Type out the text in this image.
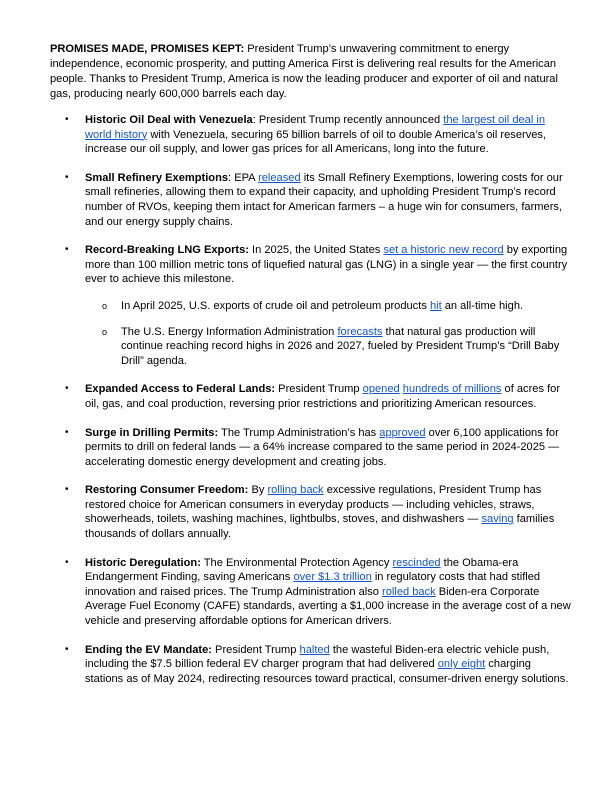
PROMISES MADE, PROMISES KEPT: President Trump’s unwavering commitment to energy independence, economic prosperity, and putting America First is delivering real results for the American people. Thanks to President Trump, America is now the leading producer and exporter of oil and natural gas, producing nearly 600,000 barrels each day.

• Historic Oil Deal with Venezuela: President Trump recently announced the largest oil deal in world history with Venezuela, securing 65 billion barrels of oil to double America’s oil reserves, increase our oil supply, and lower gas prices for all Americans, long into the future.
• Small Refinery Exemptions: EPA released its Small Refinery Exemptions, lowering costs for our small refineries, allowing them to expand their capacity, and upholding President Trump’s record number of RVOs, keeping them intact for American farmers – a huge win for consumers, farmers, and our energy supply chains.
• Record-Breaking LNG Exports: In 2025, the United States set a historic new record by exporting more than 100 million metric tons of liquefied natural gas (LNG) in a single year — the first country ever to achieve this milestone.
o In April 2025, U.S. exports of crude oil and petroleum products hit an all-time high.
o The U.S. Energy Information Administration forecasts that natural gas production will continue reaching record highs in 2026 and 2027, fueled by President Trump’s “Drill Baby Drill” agenda.
• Expanded Access to Federal Lands: President Trump opened hundreds of millions of acres for oil, gas, and coal production, reversing prior restrictions and prioritizing American resources.
• Surge in Drilling Permits: The Trump Administration’s has approved over 6,100 applications for permits to drill on federal lands — a 64% increase compared to the same period in 2024-2025 — accelerating domestic energy development and creating jobs.
• Restoring Consumer Freedom: By rolling back excessive regulations, President Trump has restored choice for American consumers in everyday products — including vehicles, straws, showerheads, toilets, washing machines, lightbulbs, stoves, and dishwashers — saving families thousands of dollars annually.
• Historic Deregulation: The Environmental Protection Agency rescinded the Obama-era Endangerment Finding, saving Americans over $1.3 trillion in regulatory costs that had stifled innovation and raised prices. The Trump Administration also rolled back Biden-era Corporate Average Fuel Economy (CAFE) standards, averting a $1,000 increase in the average cost of a new vehicle and preserving affordable options for American drivers.
• Ending the EV Mandate: President Trump halted the wasteful Biden-era electric vehicle push, including the $7.5 billion federal EV charger program that had delivered only eight charging stations as of May 2024, redirecting resources toward practical, consumer-driven energy solutions.
